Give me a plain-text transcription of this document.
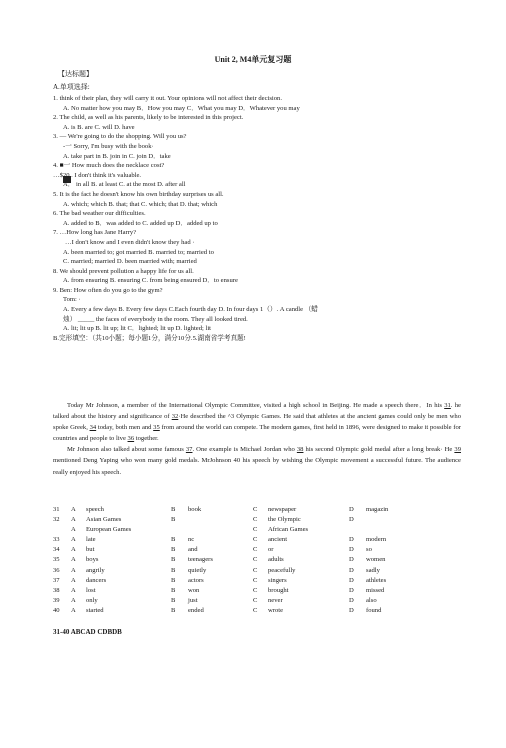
Unit 2, M4单元复习题
【达标题】
A.单项选择:
1. think of their plan, they will carry it out. Your opinions will not affect their decision.
A. No matter how you may B．How you may C．What you may D．Whatever you may
2. The child, as well as his parents, likely to be interested in this project.
A. is B. are C. will D. have
3. — We're going to do the shopping. Will you us?
-一 Sorry, I'm busy with the book·
A. take part in B. join in C. join D．take
4. ■一 How much does the necklace cost?
…$20 . I don't think it's valuable.
A． in all B. at least C. at the most D. after all
5. It is the fact he doesn't know his own birthday surprises us all.
A. which; which B. that; that C. which; that D. that; which
6. The bad weather our difficulties.
A. added to B．was added to C. added up D．added up to
7. …How long has Jane Harry?
…I don't know and I even didn't know they had ·
A. been married to; got married B. married to; married to
C. married; married D. been married with; married
8. We should prevent pollution a happy life for us all.
A. from ensuring B. ensuring C. from being ensured D．to ensure
9. Ben: How often do you go to the gym?
Tom: ·
A. Every a few days B. Every few days C.Each fourth day D. In four days 1（）. A candle （蜡
烛） _____ the faces of everybody in the room. They all looked tired.
A. lit; lit up B. lit up; lit C．lighted; lit up D. lighted; lit
B.完形填空：（共10小题；每小题1分，满分10分.5.湖南省学考真题!

Today Mr Johnson, a member of the International Olympic Committee, visited a high school in Beijing. He made a speech there．In his 31. he talked about the history and significance of 32·He described the ^3 Olympic Games. He said that athletes at the ancient games could only be men who spoke Greek, 34 today, both men and 35 from around the world can compete. The modern games, first held in 1896, were designed to make it possible for countries and people to live 36 together.

Mr Johnson also talked about some famous 37. One example is Michael Jordan who 38 his second Olympic gold medal after a long break· He 39 mentioned Deng Yaping who won many gold medals. MrJohnson 40 his speech by wishing the Olympic movement a successful future. The audience really enjoyed his speech.

31 A speech	B book	C newspaper	D magazin
32 A Asian Games	B	C the Olympic	D
A European Games	C African Games
33 A late	B nc	C ancient	D modern
34 A but	B and	C or	D so
35 A boys	B teenagers	C adults	D women
36 A angrily	B quietly	C peacefully	D sadly
37 A dancers	B actors	C singers	D athletes
38 A lost	B won	C brought	D missed
39 A only	B just	C never	D also
40 A started	B ended	C wrote	D found
31-40 ABCAD CDBDB
